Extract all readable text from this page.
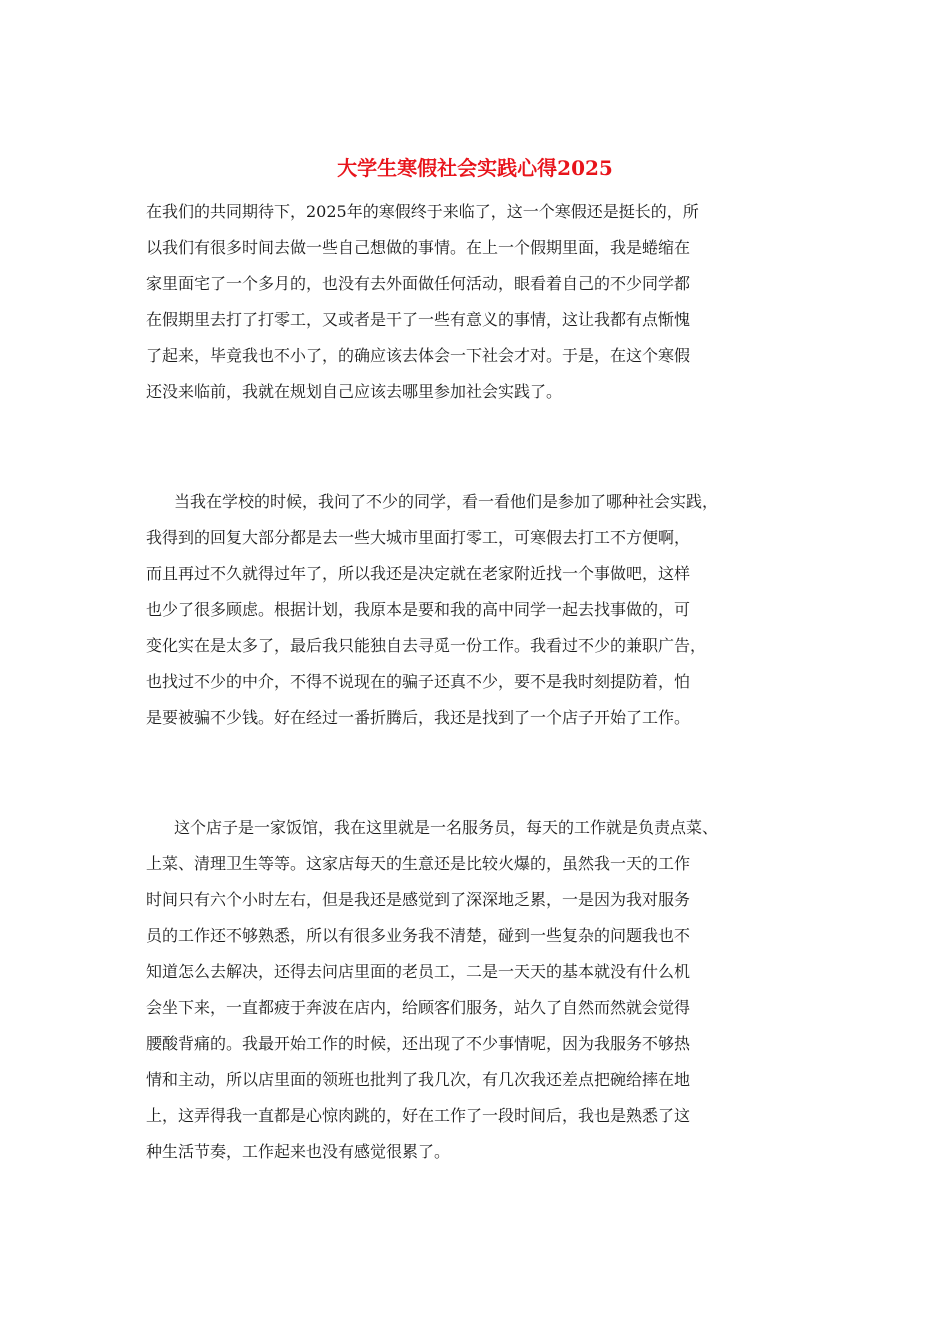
大学生寒假社会实践心得2025
在我们的共同期待下，2025年的寒假终于来临了，这一个寒假还是挺长的，所
以我们有很多时间去做一些自己想做的事情。在上一个假期里面，我是蜷缩在
家里面宅了一个多月的，也没有去外面做任何活动，眼看着自己的不少同学都
在假期里去打了打零工，又或者是干了一些有意义的事情，这让我都有点惭愧
了起来，毕竟我也不小了，的确应该去体会一下社会才对。于是，在这个寒假
还没来临前，我就在规划自己应该去哪里参加社会实践了。
当我在学校的时候，我问了不少的同学，看一看他们是参加了哪种社会实践，
我得到的回复大部分都是去一些大城市里面打零工，可寒假去打工不方便啊，
而且再过不久就得过年了，所以我还是决定就在老家附近找一个事做吧，这样
也少了很多顾虑。根据计划，我原本是要和我的高中同学一起去找事做的，可
变化实在是太多了，最后我只能独自去寻觅一份工作。我看过不少的兼职广告，
也找过不少的中介，不得不说现在的骗子还真不少，要不是我时刻提防着，怕
是要被骗不少钱。好在经过一番折腾后，我还是找到了一个店子开始了工作。
这个店子是一家饭馆，我在这里就是一名服务员，每天的工作就是负责点菜、
上菜、清理卫生等等。这家店每天的生意还是比较火爆的，虽然我一天的工作
时间只有六个小时左右，但是我还是感觉到了深深地乏累，一是因为我对服务
员的工作还不够熟悉，所以有很多业务我不清楚，碰到一些复杂的问题我也不
知道怎么去解决，还得去问店里面的老员工，二是一天天的基本就没有什么机
会坐下来，一直都疲于奔波在店内，给顾客们服务，站久了自然而然就会觉得
腰酸背痛的。我最开始工作的时候，还出现了不少事情呢，因为我服务不够热
情和主动，所以店里面的领班也批判了我几次，有几次我还差点把碗给摔在地
上，这弄得我一直都是心惊肉跳的，好在工作了一段时间后，我也是熟悉了这
种生活节奏，工作起来也没有感觉很累了。
